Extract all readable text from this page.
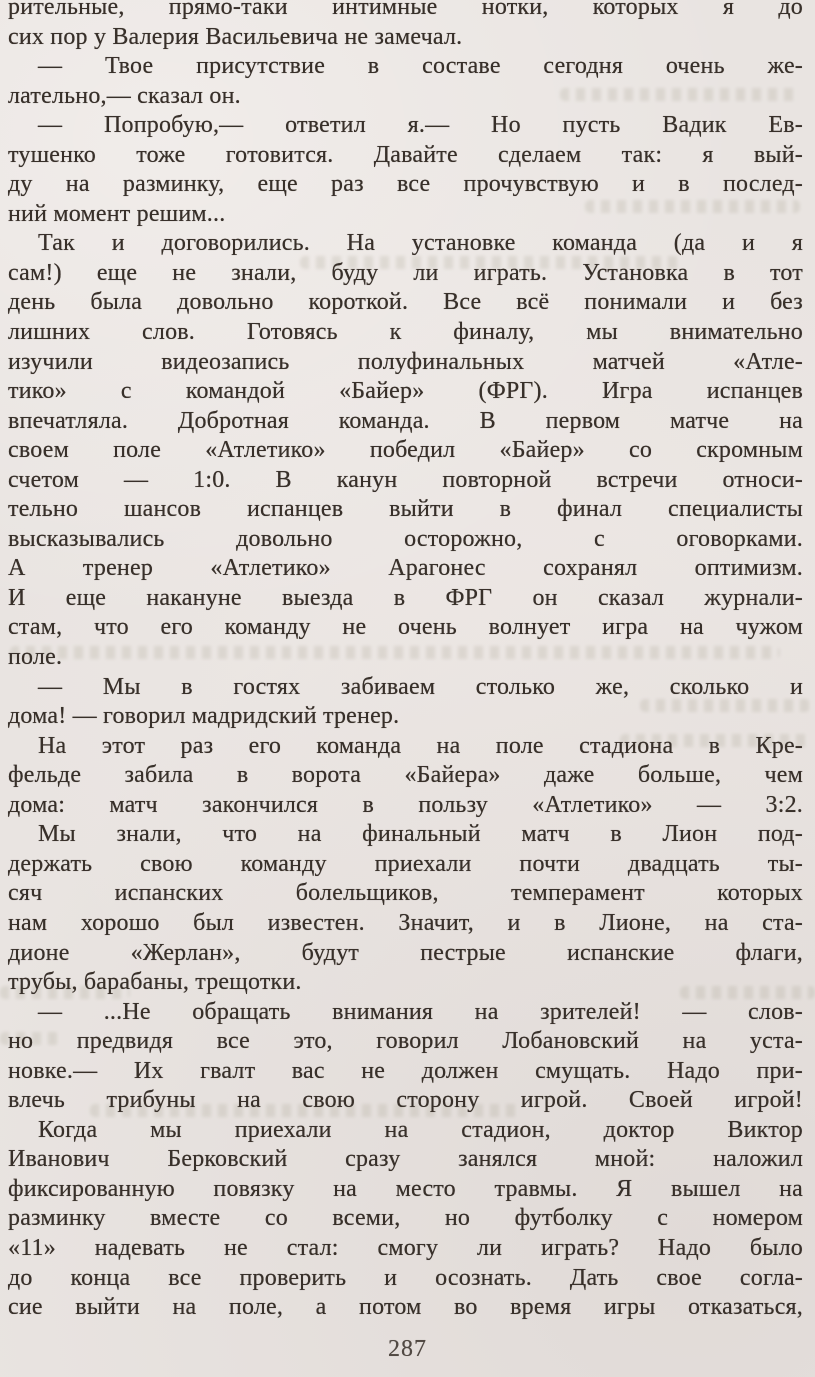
рительные, прямо-таки интимные нотки, которых я до
сих пор у Валерия Васильевича не замечал.
— Твое присутствие в составе сегодня очень же-
лательно,— сказал он.
— Попробую,— ответил я.— Но пусть Вадик Ев-
тушенко тоже готовится. Давайте сделаем так: я вый-
ду на разминку, еще раз все прочувствую и в послед-
ний момент решим...
Так и договорились. На установке команда (да и я
сам!) еще не знали, буду ли играть. Установка в тот
день была довольно короткой. Все всё понимали и без
лишних слов. Готовясь к финалу, мы внимательно
изучили видеозапись полуфинальных матчей «Атле-
тико» с командой «Байер» (ФРГ). Игра испанцев
впечатляла. Добротная команда. В первом матче на
своем поле «Атлетико» победил «Байер» со скромным
счетом — 1:0. В канун повторной встречи относи-
тельно шансов испанцев выйти в финал специалисты
высказывались довольно осторожно, с оговорками.
А тренер «Атлетико» Арагонес сохранял оптимизм.
И еще накануне выезда в ФРГ он сказал журнали-
стам, что его команду не очень волнует игра на чужом
поле.
— Мы в гостях забиваем столько же, сколько и
дома! — говорил мадридский тренер.
На этот раз его команда на поле стадиона в Кре-
фельде забила в ворота «Байера» даже больше, чем
дома: матч закончился в пользу «Атлетико» — 3:2.
Мы знали, что на финальный матч в Лион под-
держать свою команду приехали почти двадцать ты-
сяч испанских болельщиков, темперамент которых
нам хорошо был известен. Значит, и в Лионе, на ста-
дионе «Жерлан», будут пестрые испанские флаги,
трубы, барабаны, трещотки.
— ...Не обращать внимания на зрителей! — слов-
но предвидя все это, говорил Лобановский на уста-
новке.— Их гвалт вас не должен смущать. Надо при-
влечь трибуны на свою сторону игрой. Своей игрой!
Когда мы приехали на стадион, доктор Виктор
Иванович Берковский сразу занялся мной: наложил
фиксированную повязку на место травмы. Я вышел на
разминку вместе со всеми, но футболку с номером
«11» надевать не стал: смогу ли играть? Надо было
до конца все проверить и осознать. Дать свое согла-
сие выйти на поле, а потом во время игры отказаться,
287
